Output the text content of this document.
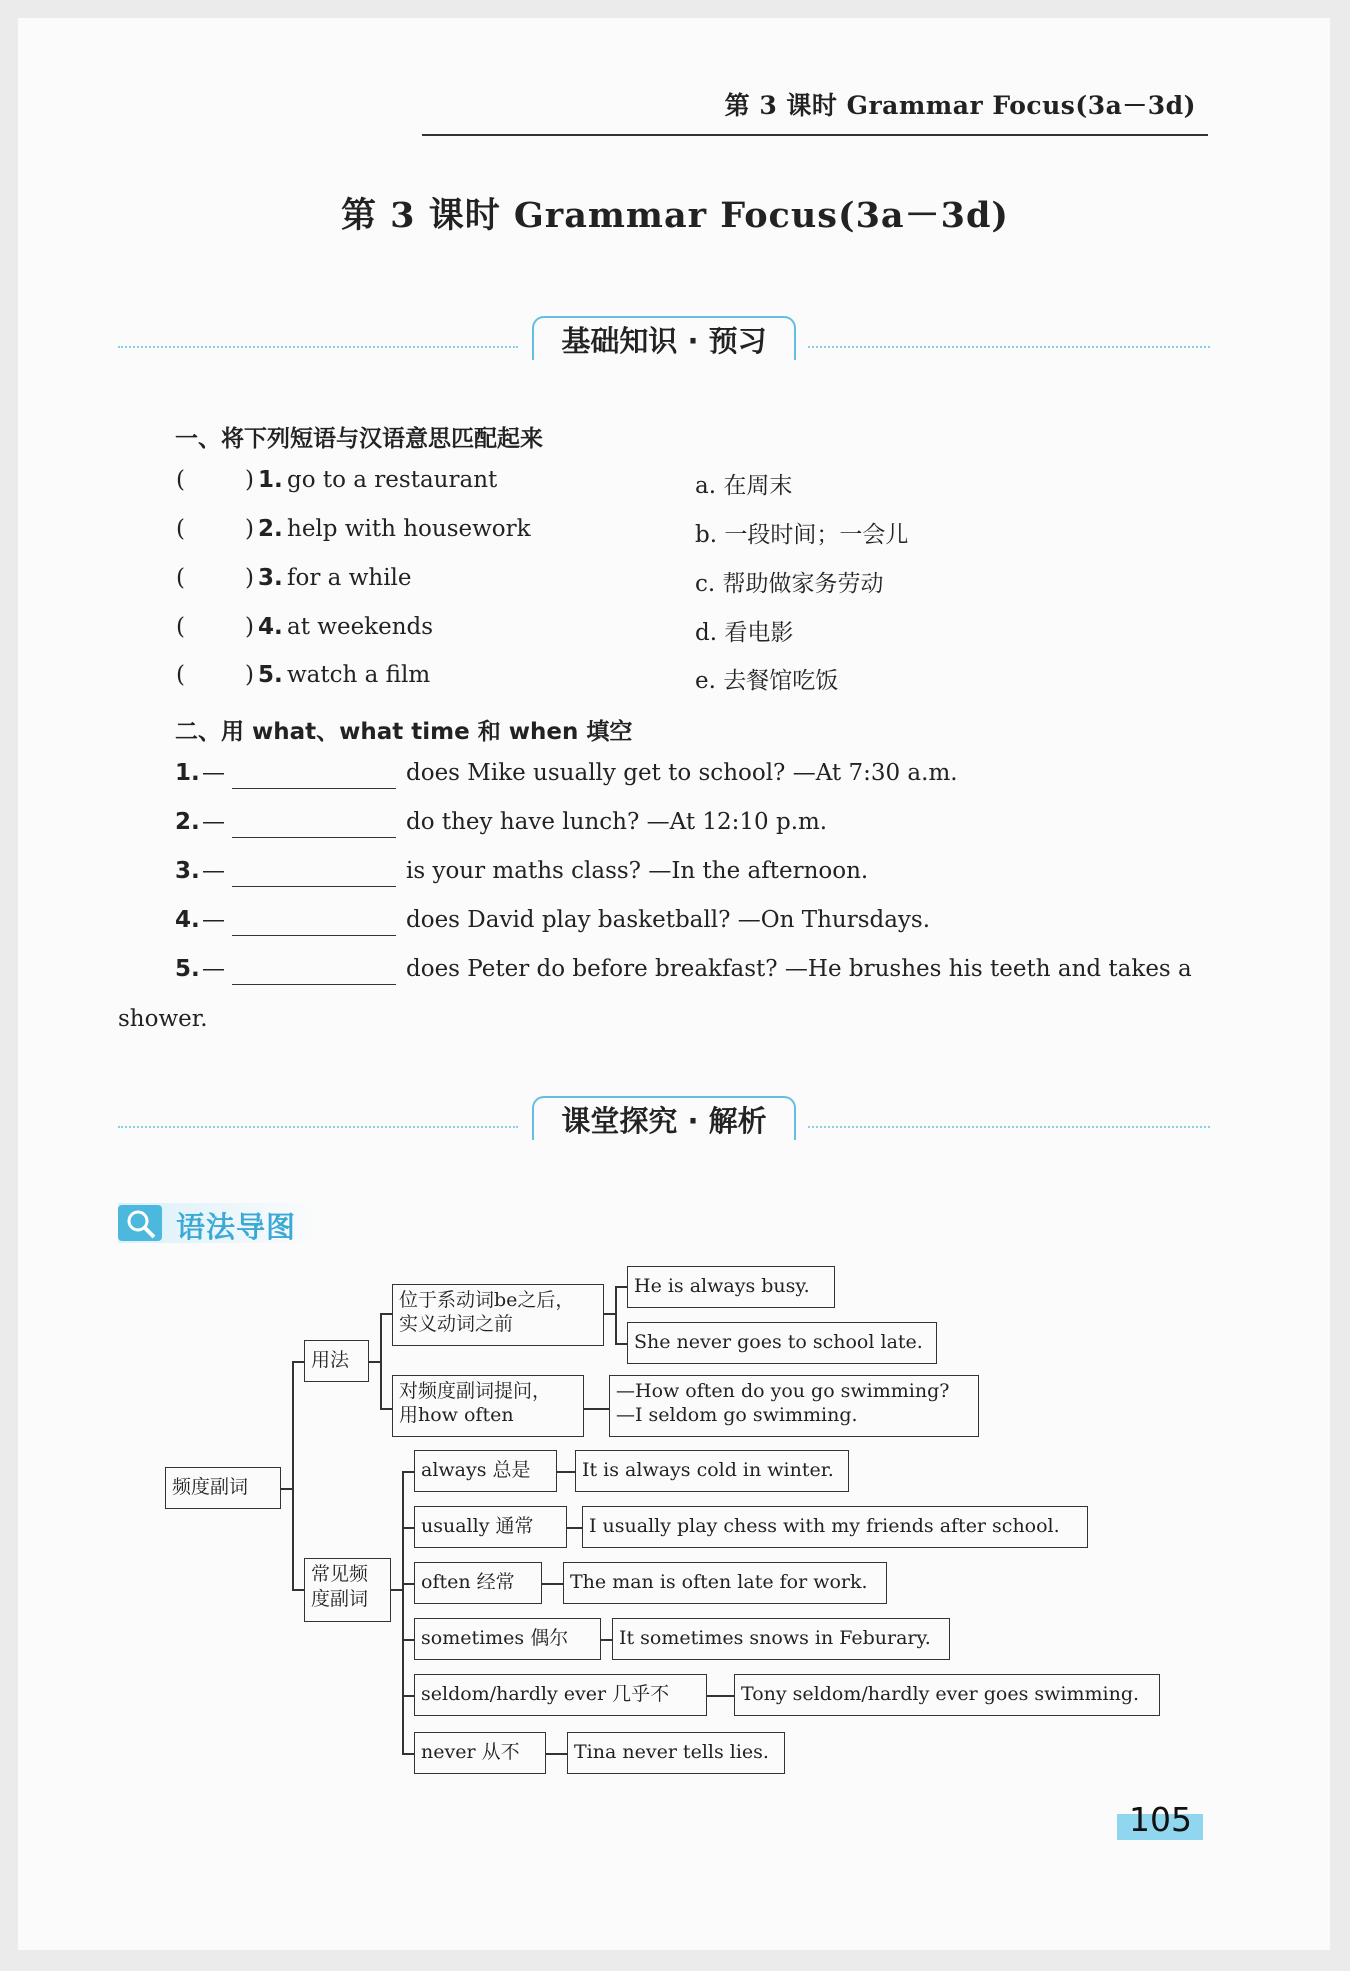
第 3 课时 Grammar Focus(3a－3d)
第 3 课时 Grammar Focus(3a－3d)
基础知识 · 预习
一、将下列短语与汉语意思匹配起来
(	) 1. go to a restaurant	a. 在周末
(	) 2. help with housework	b. 一段时间；一会儿
(	) 3. for a while	c. 帮助做家务劳动
(	) 4. at weekends	d. 看电影
(	) 5. watch a film	e. 去餐馆吃饭
二、用 what、what time 和 when 填空
1. —	does Mike usually get to school? —At 7:30 a.m.
2. —	do they have lunch? —At 12:10 p.m.
3. —	is your maths class? —In the afternoon.
4. —	does David play basketball? —On Thursdays.
5. —	does Peter do before breakfast? —He brushes his teeth and takes a
shower.
课堂探究 · 解析
语法导图
频度副词
用法
位于系动词be之后，
实义动词之前
He is always busy.
She never goes to school late.
对频度副词提问，
用how often
—How often do you go swimming?
—I seldom go swimming.
常见频
度副词
always 总是	It is always cold in winter.
usually 通常	I usually play chess with my friends after school.
often 经常	The man is often late for work.
sometimes 偶尔	It sometimes snows in Feburary.
seldom/hardly ever 几乎不	Tony seldom/hardly ever goes swimming.
never 从不	Tina never tells lies.
105
